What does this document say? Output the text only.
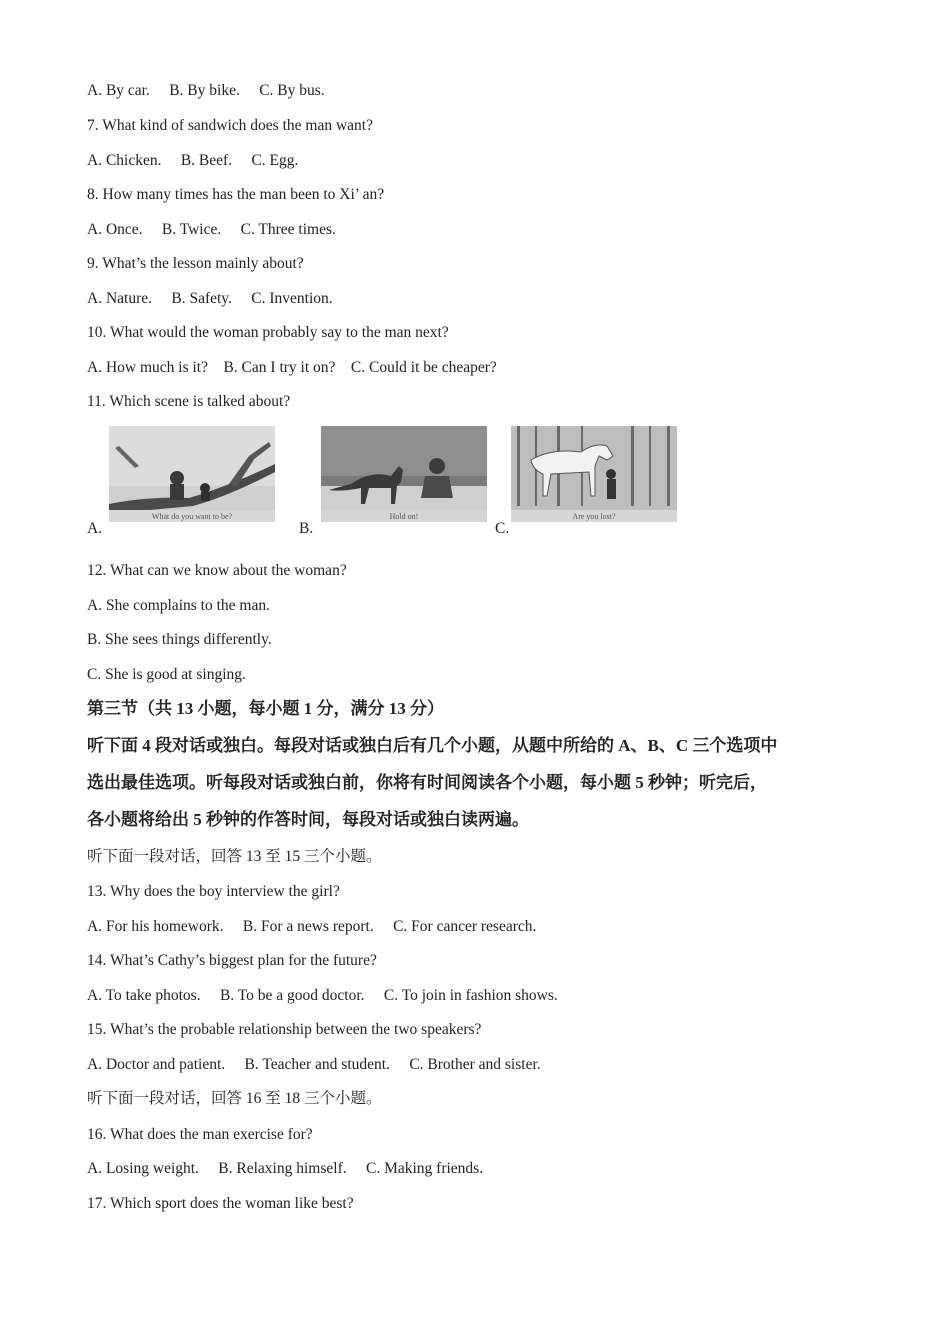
A. By car.     B. By bike.     C. By bus.
7. What kind of sandwich does the man want?
A. Chicken.     B. Beef.     C. Egg.
8. How many times has the man been to Xi’ an?
A. Once.     B. Twice.     C. Three times.
9. What’s the lesson mainly about?
A. Nature.     B. Safety.     C. Invention.
10. What would the woman probably say to the man next?
A. How much is it?    B. Can I try it on?    C. Could it be cheaper?
11. Which scene is talked about?
What do you want to be?
A.
Hold on!
B.
Are you lost?
C.
12. What can we know about the woman?
A. She complains to the man.
B. She sees things differently.
C. She is good at singing.
第三节（共 13 小题，每小题 1 分，满分 13 分）
听下面 4 段对话或独白。每段对话或独白后有几个小题，从题中所给的 A、B、C 三个选项中
选出最佳选项。听每段对话或独白前，你将有时间阅读各个小题，每小题 5 秒钟；听完后，
各小题将给出 5 秒钟的作答时间，每段对话或独白读两遍。
听下面一段对话，回答 13 至 15 三个小题。
13. Why does the boy interview the girl?
A. For his homework.     B. For a news report.     C. For cancer research.
14. What’s Cathy’s biggest plan for the future?
A. To take photos.     B. To be a good doctor.     C. To join in fashion shows.
15. What’s the probable relationship between the two speakers?
A. Doctor and patient.     B. Teacher and student.     C. Brother and sister.
听下面一段对话，回答 16 至 18 三个小题。
16. What does the man exercise for?
A. Losing weight.     B. Relaxing himself.     C. Making friends.
17. Which sport does the woman like best?
